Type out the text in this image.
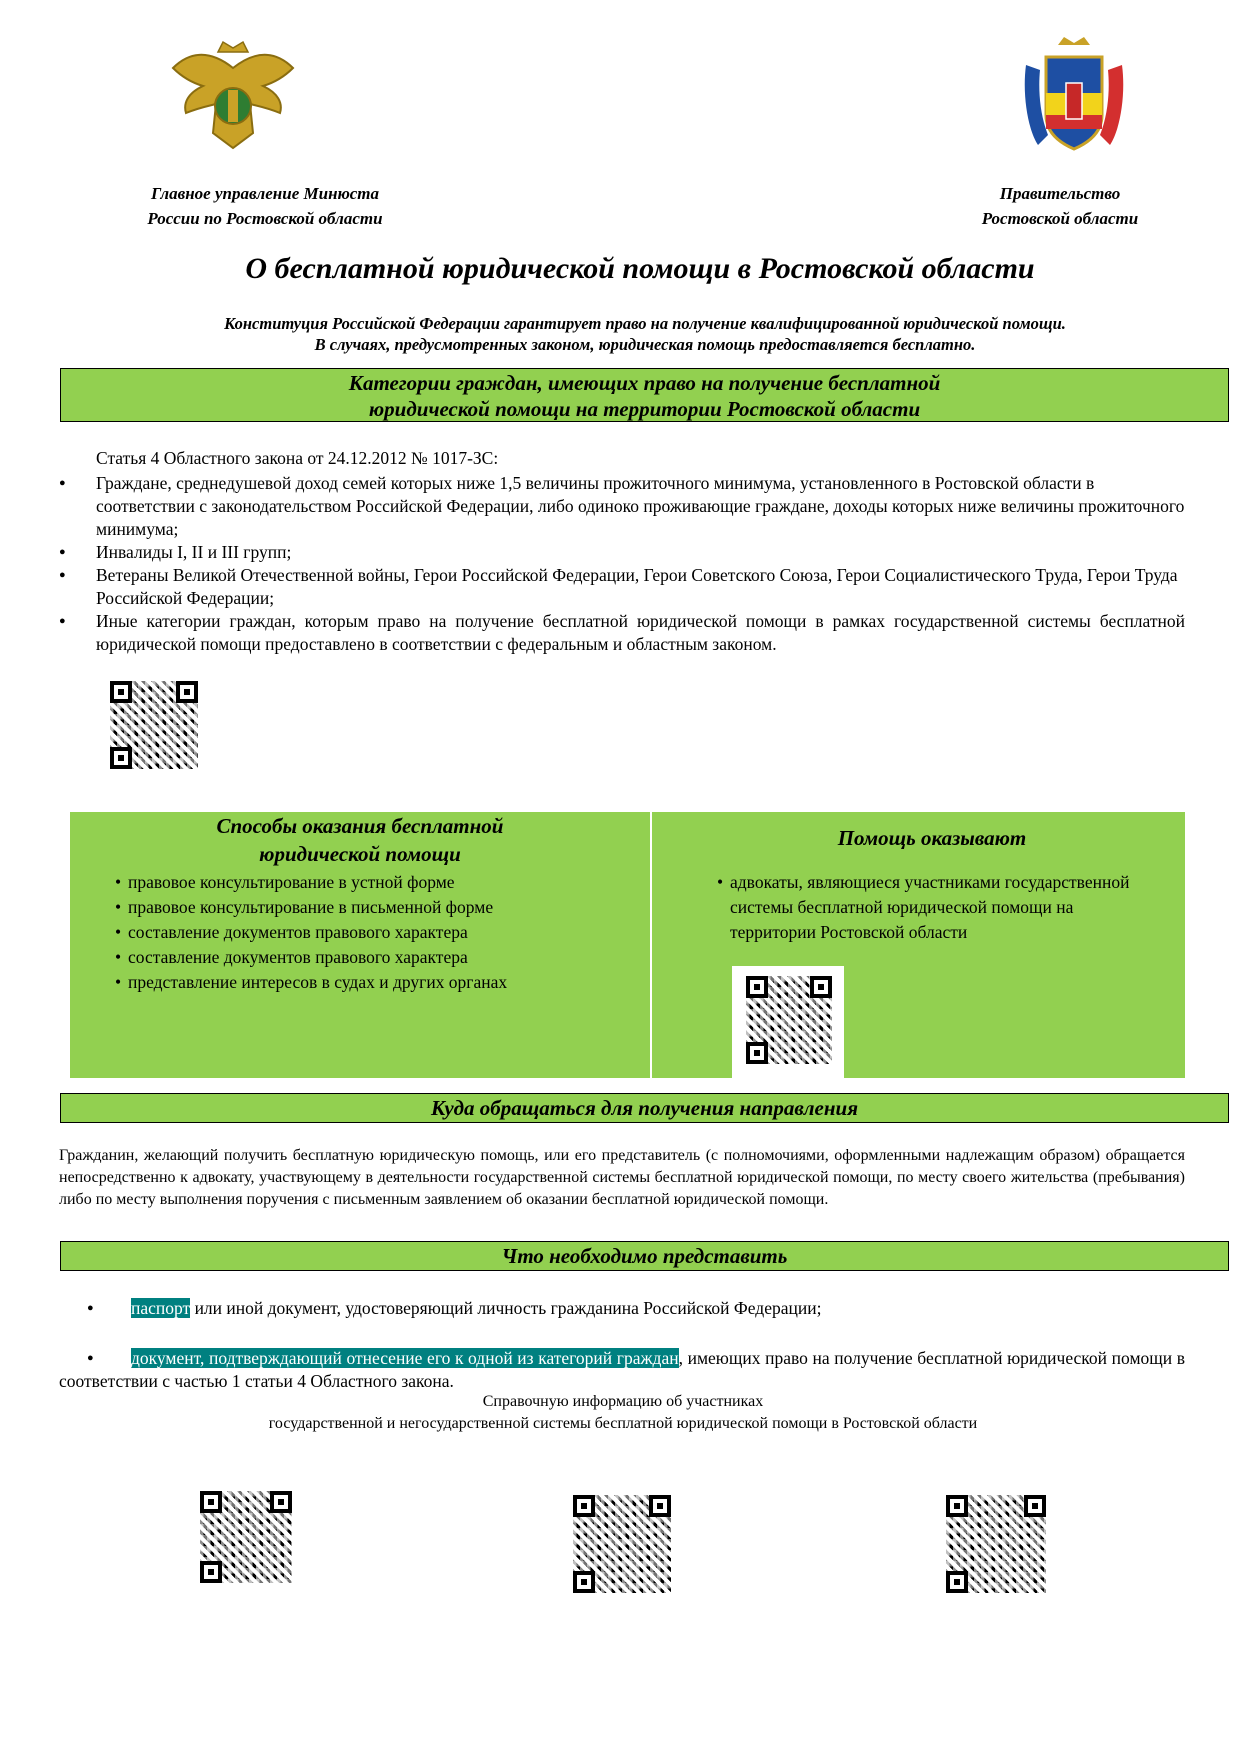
Главное управление Минюста
России по Ростовской области
Правительство
Ростовской области
О бесплатной юридической помощи в Ростовской области
Конституция Российской Федерации гарантирует право на получение квалифицированной юридической помощи.
В случаях, предусмотренных законом, юридическая помощь предоставляется бесплатно.
Категории граждан, имеющих право на получение бесплатной
юридической помощи на территории Ростовской области
Статья 4 Областного закона от 24.12.2012 № 1017-ЗС:
● Граждане, среднедушевой доход семей которых ниже 1,5 величины прожиточного минимума, установленного в Ростовской области в соответствии с законодательством Российской Федерации, либо одиноко проживающие граждане, доходы которых ниже величины прожиточного минимума;
● Инвалиды I, II и III групп;
● Ветераны Великой Отечественной войны, Герои Российской Федерации, Герои Советского Союза, Герои Социалистического Труда, Герои Труда Российской Федерации;
● Иные категории граждан, которым право на получение бесплатной юридической помощи в рамках государственной системы бесплатной юридической помощи предоставлено в соответствии с федеральным и областным законом.
Способы оказания бесплатной
юридической помощи
• правовое консультирование в устной форме
• правовое консультирование в письменной форме
• составление документов правового характера
• составление документов правового характера
• представление интересов в судах и других органах
Помощь оказывают
• адвокаты, являющиеся участниками государственной системы бесплатной юридической помощи на территории Ростовской области
Куда обращаться для получения направления
Гражданин, желающий получить бесплатную юридическую помощь, или его представитель (с полномочиями, оформленными надлежащим образом) обращается непосредственно к адвокату, участвующему в деятельности государственной системы бесплатной юридической помощи, по месту своего жительства (пребывания) либо по месту выполнения поручения с письменным заявлением об оказании бесплатной юридической помощи.
Что необходимо представить
● паспорт или иной документ, удостоверяющий личность гражданина Российской Федерации;
● документ, подтверждающий отнесение его к одной из категорий граждан, имеющих право на получение бесплатной юридической помощи в соответствии с частью 1 статьи 4 Областного закона.
Справочную информацию об участниках
государственной и негосударственной системы бесплатной юридической помощи в Ростовской области
